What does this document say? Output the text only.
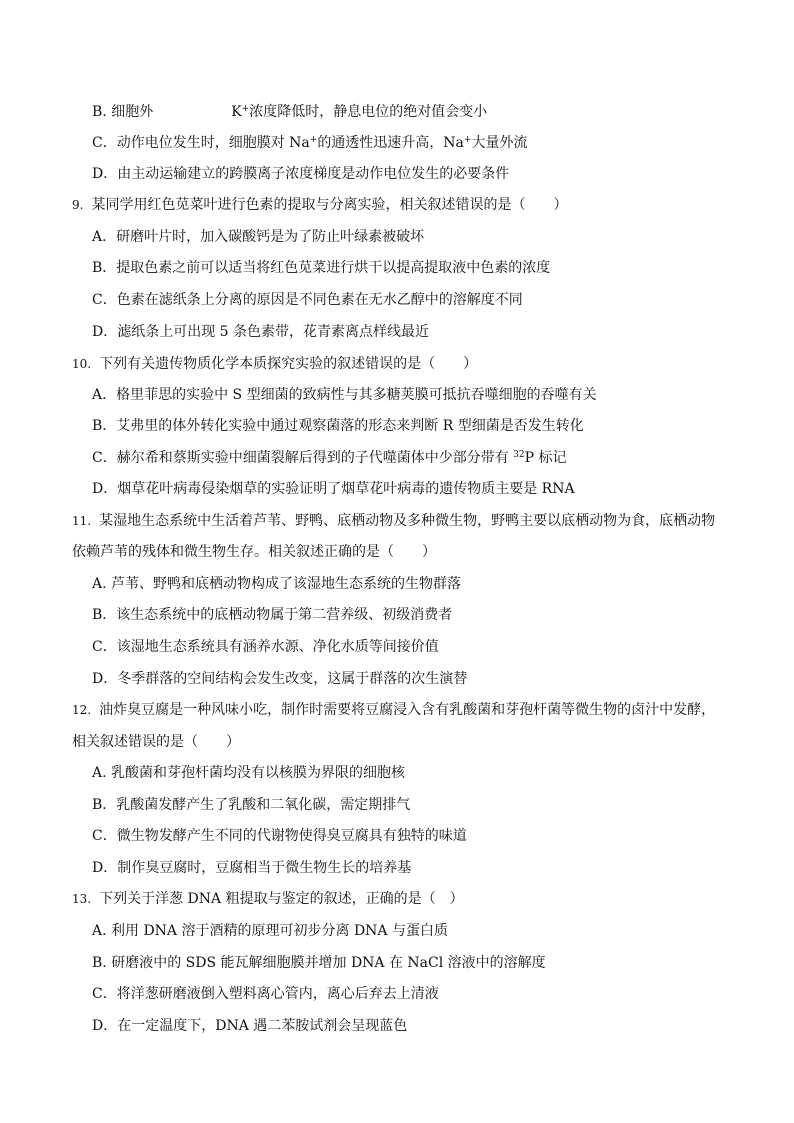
B. 细胞外	K+浓度降低时，静息电位的绝对值会变小
C．动作电位发生时，细胞膜对 Na+的通透性迅速升高，Na+大量外流
D．由主动运输建立的跨膜离子浓度梯度是动作电位发生的必要条件
9. 某同学用红色苋菜叶进行色素的提取与分离实验，相关叙述错误的是（　　）
A．研磨叶片时，加入碳酸钙是为了防止叶绿素被破坏
B．提取色素之前可以适当将红色苋菜进行烘干以提高提取液中色素的浓度
C．色素在滤纸条上分离的原因是不同色素在无水乙醇中的溶解度不同
D．滤纸条上可出现 5 条色素带，花青素离点样线最近
10. 下列有关遗传物质化学本质探究实验的叙述错误的是（　　）
A．格里菲思的实验中 S 型细菌的致病性与其多糖荚膜可抵抗吞噬细胞的吞噬有关
B．艾弗里的体外转化实验中通过观察菌落的形态来判断 R 型细菌是否发生转化
C．赫尔希和蔡斯实验中细菌裂解后得到的子代噬菌体中少部分带有 $^{32}$P 标记
D．烟草花叶病毒侵染烟草的实验证明了烟草花叶病毒的遗传物质主要是 RNA
11. 某湿地生态系统中生活着芦苇、野鸭、底栖动物及多种微生物，野鸭主要以底栖动物为食，底栖动物
依赖芦苇的残体和微生物生存。相关叙述正确的是（　　）
A. 芦苇、野鸭和底栖动物构成了该湿地生态系统的生物群落
B．该生态系统中的底栖动物属于第二营养级、初级消费者
C．该湿地生态系统具有涵养水源、净化水质等间接价值
D．冬季群落的空间结构会发生改变，这属于群落的次生演替
12. 油炸臭豆腐是一种风味小吃，制作时需要将豆腐浸入含有乳酸菌和芽孢杆菌等微生物的卤汁中发酵，
相关叙述错误的是（　　）
A. 乳酸菌和芽孢杆菌均没有以核膜为界限的细胞核
B．乳酸菌发酵产生了乳酸和二氧化碳，需定期排气
C．微生物发酵产生不同的代谢物使得臭豆腐具有独特的味道
D．制作臭豆腐时，豆腐相当于微生物生长的培养基
13. 下列关于洋葱 DNA 粗提取与鉴定的叙述，正确的是（　）
A. 利用 DNA 溶于酒精的原理可初步分离 DNA 与蛋白质
B. 研磨液中的 SDS 能瓦解细胞膜并增加 DNA 在 NaCl 溶液中的溶解度
C．将洋葱研磨液倒入塑料离心管内，离心后弃去上清液
D．在一定温度下，DNA 遇二苯胺试剂会呈现蓝色
